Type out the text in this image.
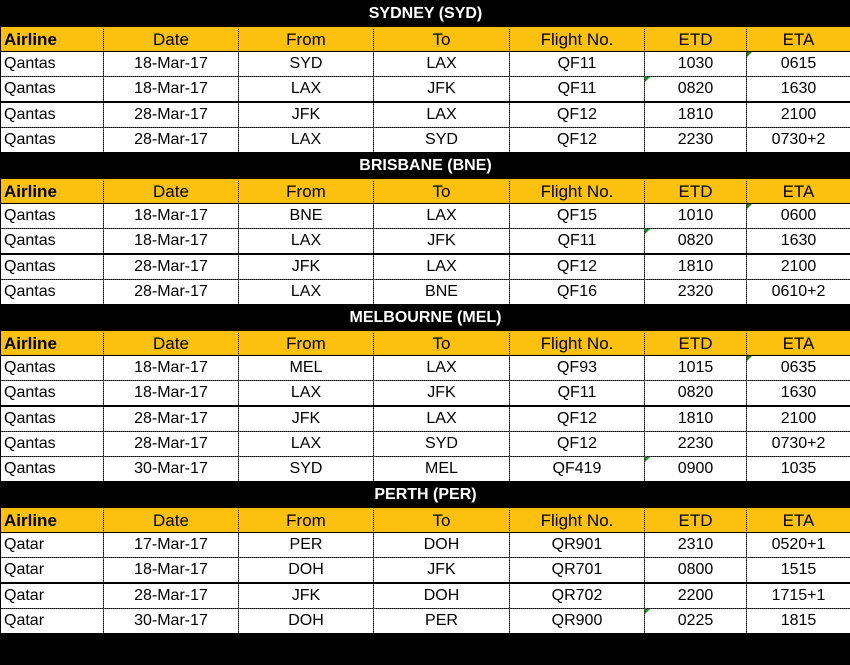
SYDNEY (SYD)						
Airline	Date	From	To	Flight No.	ETD	ETA
Qantas	18-Mar-17	SYD	LAX	QF11	1030	0615
Qantas	18-Mar-17	LAX	JFK	QF11	0820	1630
Qantas	28-Mar-17	JFK	LAX	QF12	1810	2100
Qantas	28-Mar-17	LAX	SYD	QF12	2230	0730+2
BRISBANE (BNE)						
Airline	Date	From	To	Flight No.	ETD	ETA
Qantas	18-Mar-17	BNE	LAX	QF15	1010	0600
Qantas	18-Mar-17	LAX	JFK	QF11	0820	1630
Qantas	28-Mar-17	JFK	LAX	QF12	1810	2100
Qantas	28-Mar-17	LAX	BNE	QF16	2320	0610+2
MELBOURNE (MEL)						
Airline	Date	From	To	Flight No.	ETD	ETA
Qantas	18-Mar-17	MEL	LAX	QF93	1015	0635
Qantas	18-Mar-17	LAX	JFK	QF11	0820	1630
Qantas	28-Mar-17	JFK	LAX	QF12	1810	2100
Qantas	28-Mar-17	LAX	SYD	QF12	2230	0730+2
Qantas	30-Mar-17	SYD	MEL	QF419	0900	1035
PERTH (PER)						
Airline	Date	From	To	Flight No.	ETD	ETA
Qatar	17-Mar-17	PER	DOH	QR901	2310	0520+1
Qatar	18-Mar-17	DOH	JFK	QR701	0800	1515
Qatar	28-Mar-17	JFK	DOH	QR702	2200	1715+1
Qatar	30-Mar-17	DOH	PER	QR900	0225	1815
